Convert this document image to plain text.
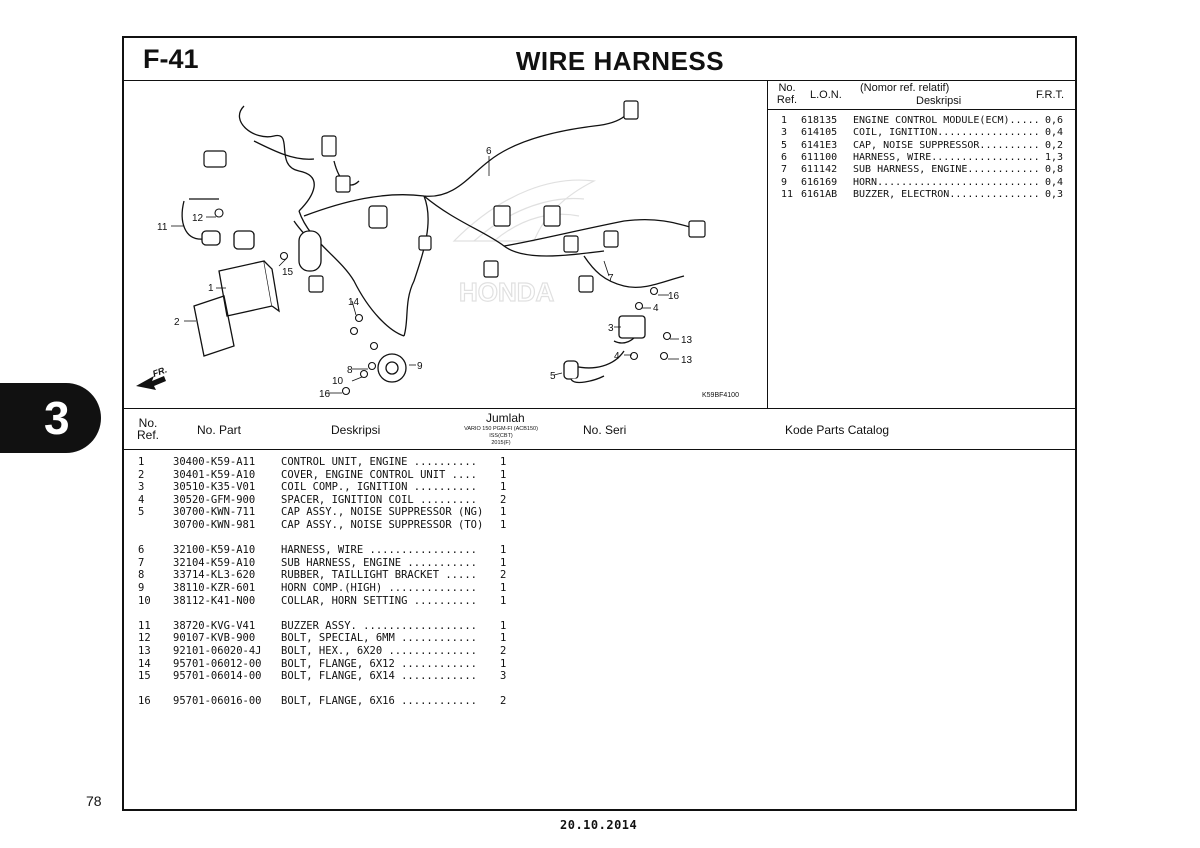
3
78
F-41	WIRE HARNESS
HONDA
1
2
3
4
4
5
6
7
8	9
10
11
12
13
13
14
15
16
16
FR.
K59BF4100
No.
Ref. L.O.N.
(Nomor ref. relatif)
Deskripsi	F.R.T.
1 618135 ENGINE CONTROL MODULE(ECM)..... 0,6
3 614105 COIL, IGNITION................. 0,4
5 6141E3 CAP, NOISE SUPPRESSOR.......... 0,2
6 611100 HARNESS, WIRE.................. 1,3
7 611142 SUB HARNESS, ENGINE............ 0,8
9 616169 HORN........................... 0,4
11 6161AB BUZZER, ELECTRON............... 0,3
No.
Ref.	No. Part	Deskripsi
Jumlah
VARIO 150 PGM-FI (ACB150)
ISS(CBT)
2015(F)
No. Seri	Kode Parts Catalog
1	30400-K59-A11 CONTROL UNIT, ENGINE .......... 1
2	30401-K59-A10 COVER, ENGINE CONTROL UNIT .... 1
3	30510-K35-V01 COIL COMP., IGNITION .......... 1
4	30520-GFM-900 SPACER, IGNITION COIL ......... 2
5	30700-KWN-711 CAP ASSY., NOISE SUPPRESSOR (NG) 1
30700-KWN-981 CAP ASSY., NOISE SUPPRESSOR (TO) 1
6	32100-K59-A10 HARNESS, WIRE ................. 1
7	32104-K59-A10 SUB HARNESS, ENGINE ........... 1
8	33714-KL3-620 RUBBER, TAILLIGHT BRACKET ..... 2
9	38110-KZR-601 HORN COMP.(HIGH) .............. 1
10 38112-K41-N00 COLLAR, HORN SETTING .......... 1
11 38720-KVG-V41 BUZZER ASSY. .................. 1
12 90107-KVB-900 BOLT, SPECIAL, 6MM ............ 1
13 92101-06020-4J BOLT, HEX., 6X20 .............. 2
14 95701-06012-00 BOLT, FLANGE, 6X12 ............ 1
15 95701-06014-00 BOLT, FLANGE, 6X14 ............ 3
16 95701-06016-00 BOLT, FLANGE, 6X16 ............ 2
20.10.2014
